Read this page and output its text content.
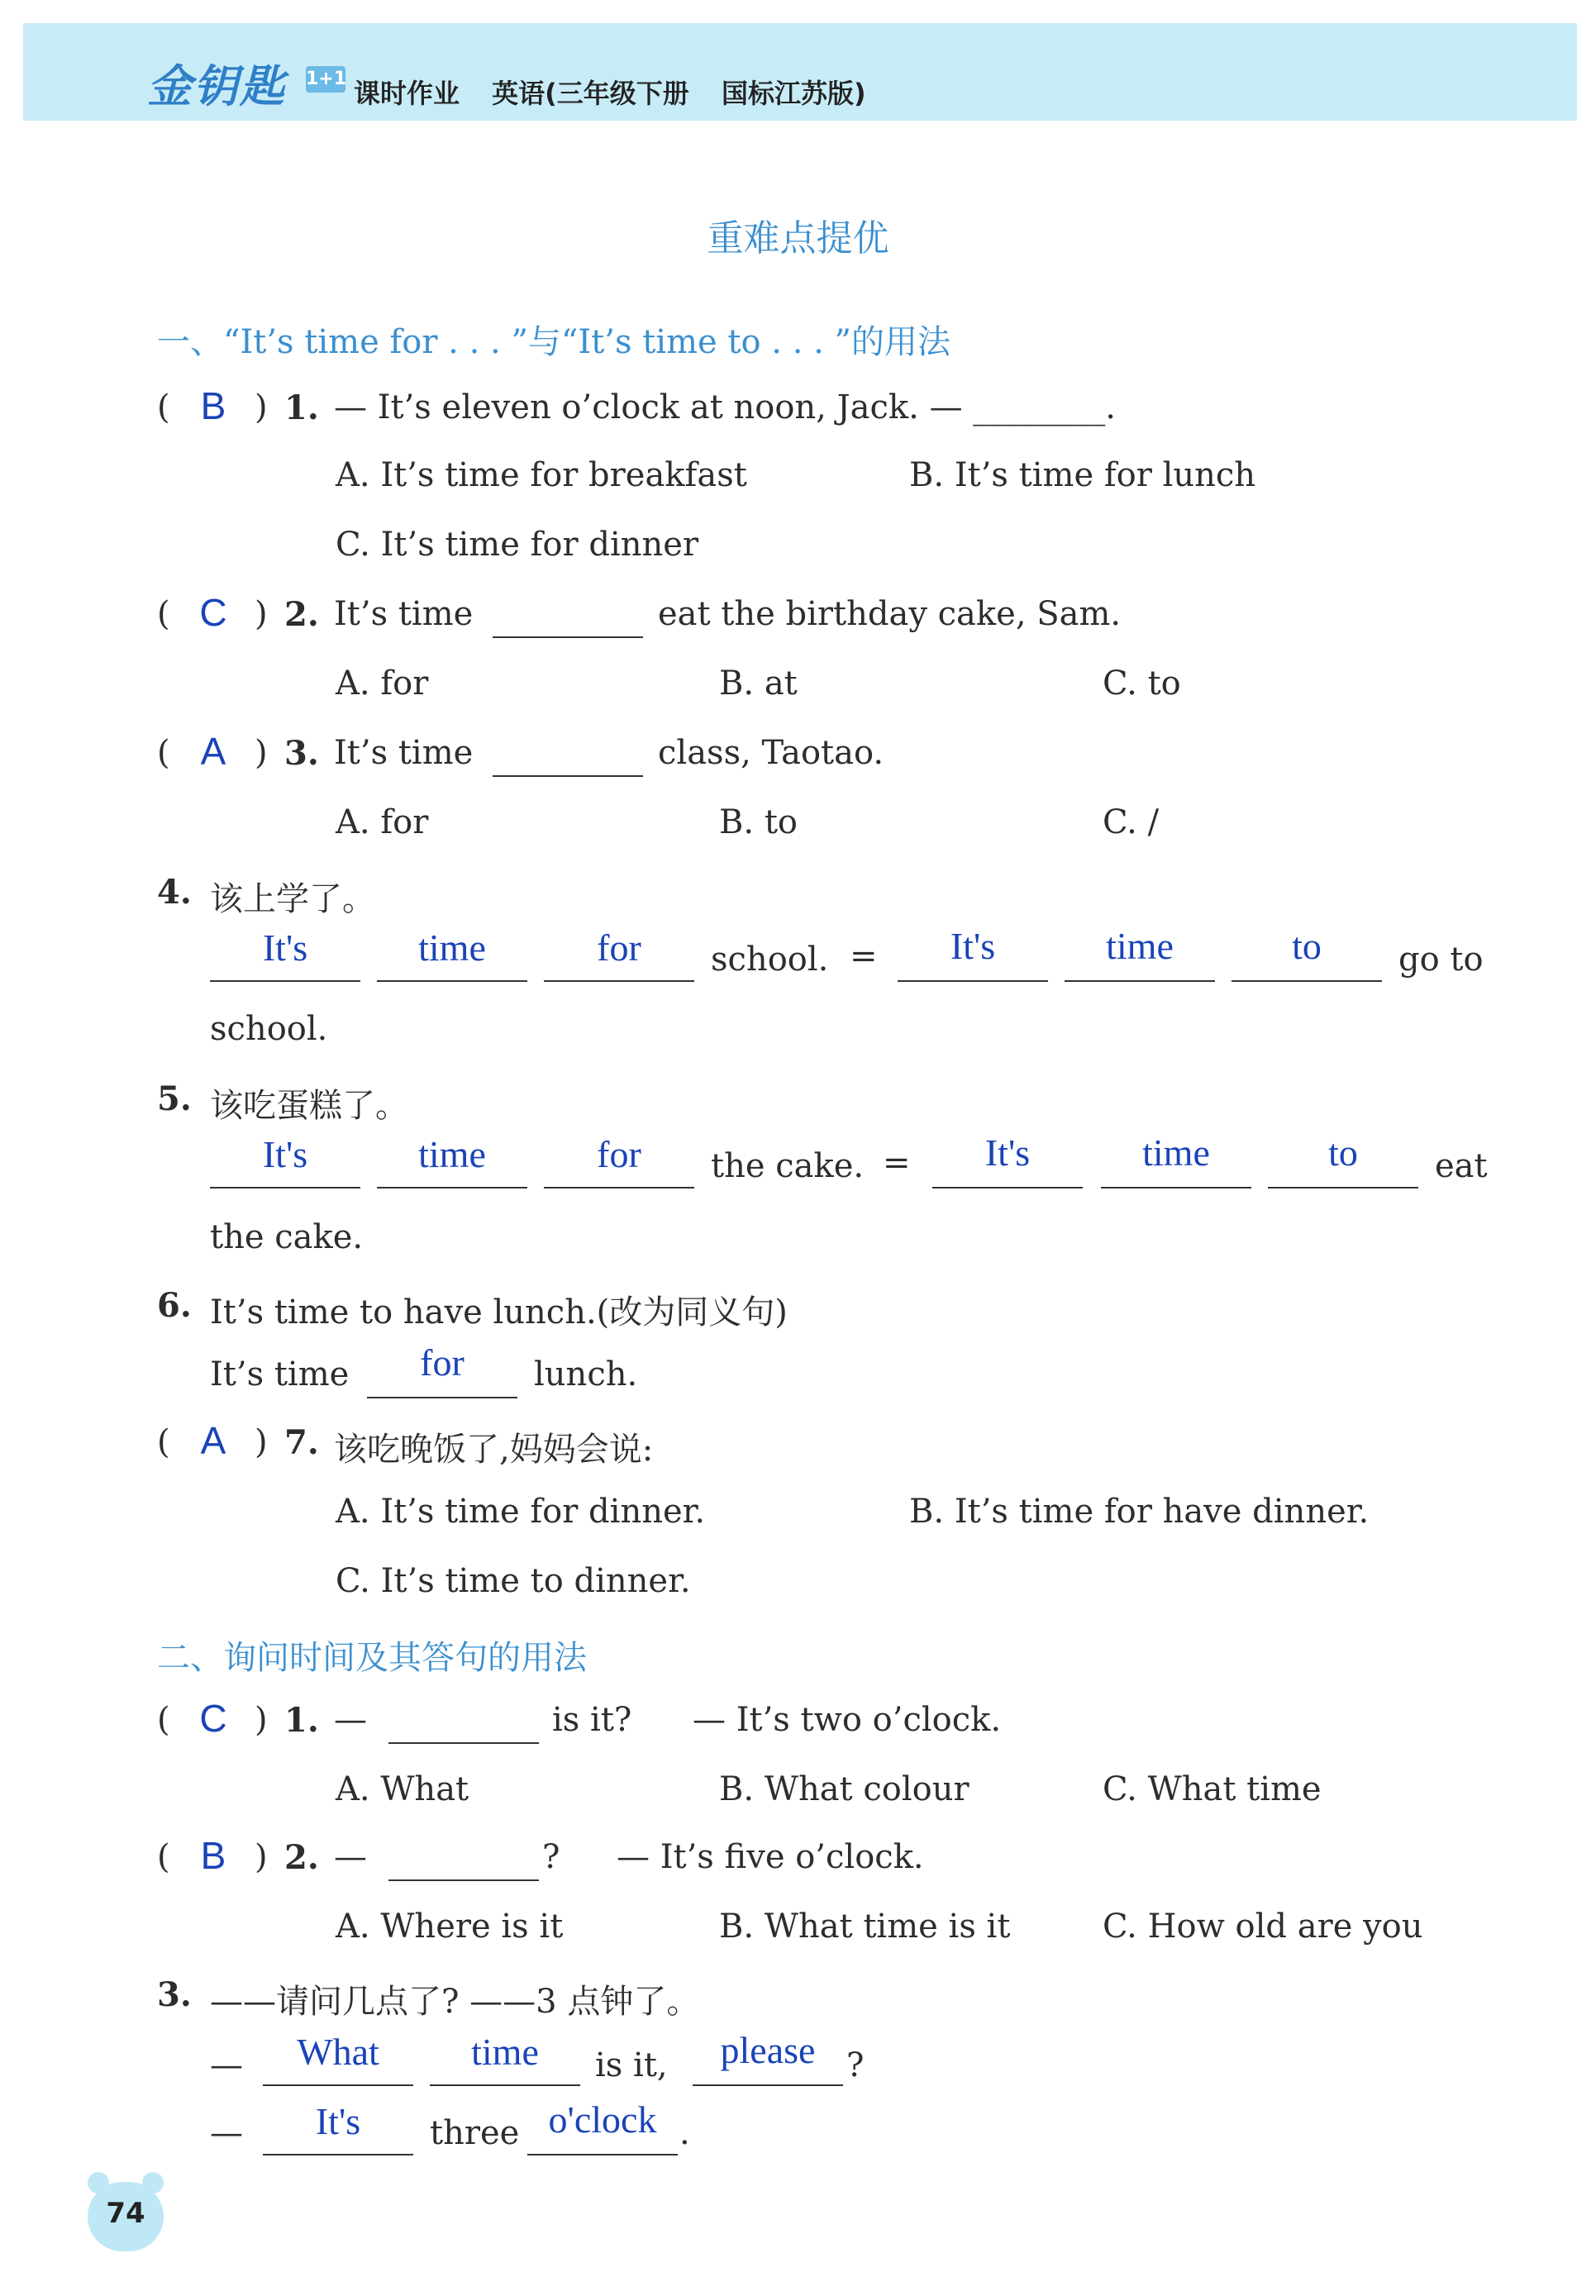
金钥匙 1+1 课时作业 英语(三年级下册 国标江苏版)
重难点提优
一、“It’s time for . . . ”与“It’s time to . . . ”的用法
( B ) 1. — It’s eleven o’clock at noon, Jack. — ________.
A. It’s time for breakfast	B. It’s time for lunch
C. It’s time for dinner
( C ) 2. It’s time	eat the birthday cake, Sam.
A. for	B. at	C. to
( A ) 3. It’s time	class, Taotao.
A. for	B. to	C. /
4. 该上学了。
It's	time	for	school. =	It's	time	to	go to
school.
5. 该吃蛋糕了。
It's	time	for	the cake. =	It's	time	to	eat
the cake.
6. It’s time to have lunch.(改为同义句)
It’s time	for	lunch.
( A ) 7. 该吃晚饭了,妈妈会说:
A. It’s time for dinner.	B. It’s time for have dinner.
C. It’s time to dinner.
二、询问时间及其答句的用法
( C ) 1. —	is it? — It’s two o’clock.
A. What	B. What colour	C. What time
( B ) 2. —	? — It’s five o’clock.
A. Where is it	B. What time is it	C. How old are you
3. ——请问几点了? ——3 点钟了。
—	What	time	is it,	please ?
—	It's	three o'clock .
74
